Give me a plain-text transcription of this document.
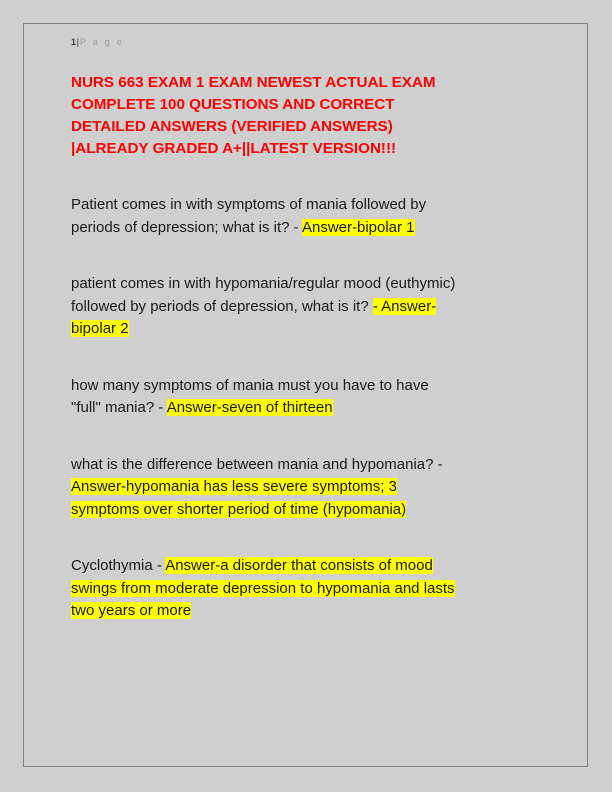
1|P a g e
NURS 663 EXAM 1 EXAM NEWEST ACTUAL EXAM
COMPLETE 100 QUESTIONS AND CORRECT
DETAILED ANSWERS (VERIFIED ANSWERS)
|ALREADY GRADED A+||LATEST VERSION!!!
Patient comes in with symptoms of mania followed by
periods of depression; what is it? - Answer-bipolar 1
patient comes in with hypomania/regular mood (euthymic)
followed by periods of depression, what is it? - Answer-
bipolar 2
how many symptoms of mania must you have to have
"full" mania? - Answer-seven of thirteen
what is the difference between mania and hypomania? -
Answer-hypomania has less severe symptoms; 3
symptoms over shorter period of time (hypomania)
Cyclothymia - Answer-a disorder that consists of mood
swings from moderate depression to hypomania and lasts
two years or more
